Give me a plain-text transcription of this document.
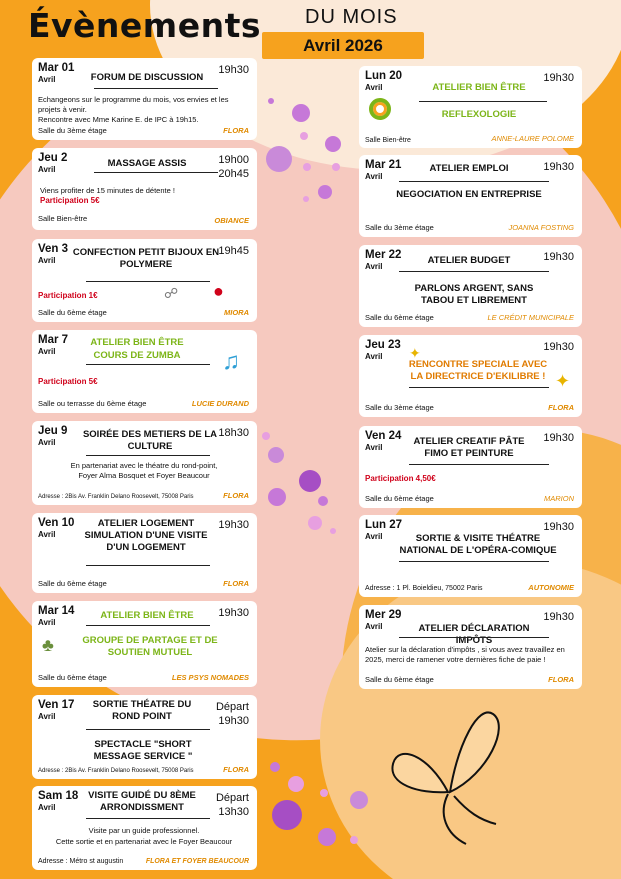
Évènements DU MOIS
Avril 2026
Mar 01
Avril
19h30
FORUM DE DISCUSSION
Echangeons sur le programme du mois, vos envies et les projets à venir.
Rencontre avec Mme Karine E. de IPC à 19h15.
Salle du 3ème étage	FLORA
Jeu 2
Avril
19h00
20h45
MASSAGE ASSIS
Viens profiter de 15 minutes de détente !
Participation 5€
Salle Bien-être	OBIANCE
Ven 3
Avril
19h45
CONFECTION PETIT BIJOUX EN POLYMERE
Participation 1€	☍ ●
Salle du 6ème étage	MIORA
Mar 7
Avril
ATELIER BIEN ÊTRE
COURS DE ZUMBA
Participation 5€
♫
Salle ou terrasse du 6ème étage	LUCIE DURAND
Jeu 9
Avril
18h30
SOIRÉE DES METIERS DE LA CULTURE
En partenariat avec le théatre du rond-point,
Foyer Alma Bosquet et Foyer Beaucour
Adresse : 2Bis Av. Franklin Delano Roosevelt, 75008 Paris	FLORA
Ven 10
Avril
19h30
ATELIER LOGEMENT SIMULATION D'UNE VISITE D'UN LOGEMENT
Salle du 6ème étage	FLORA
Mar 14
Avril
19h30
ATELIER BIEN ÊTRE
GROUPE DE PARTAGE ET DE SOUTIEN MUTUEL
♣
Salle du 6ème étage	LES PSYS NOMADES
Ven 17
Avril
Départ
19h30
SORTIE THÉATRE DU ROND POINT
SPECTACLE "SHORT MESSAGE SERVICE "
Adresse : 2Bis Av. Franklin Delano Roosevelt, 75008 Paris	FLORA
Sam 18
Avril
Départ
13h30
VISITE GUIDÉ DU 8ÈME ARRONDISSMENT
Visite par un guide professionnel.
Cette sortie et en partenariat avec le Foyer Beaucour
Adresse : Métro st augustin	FLORA ET FOYER BEAUCOUR
Lun 20
Avril
19h30
ATELIER BIEN ÊTRE
REFLEXOLOGIE
Salle Bien-être	ANNE-LAURE POLOME
Mar 21
Avril
19h30
ATELIER EMPLOI
NEGOCIATION EN ENTREPRISE
Salle du 3ème étage	JOANNA FOSTING
Mer 22
Avril
19h30
ATELIER BUDGET
PARLONS ARGENT, SANS TABOU ET LIBREMENT
Salle du 6ème étage	LE CRÉDIT MUNICIPALE
Jeu 23
Avril
19h30
✦
RENCONTRE SPECIALE AVEC LA DIRECTRICE D'EKILIBRE ! ✦
Salle du 3ème étage	FLORA
Ven 24
Avril
19h30
ATELIER CREATIF PÂTE FIMO ET PEINTURE
Participation 4,50€
Salle du 6ème étage	MARION
Lun 27
Avril
19h30
SORTIE & VISITE THÉATRE NATIONAL DE L'OPÉRA-COMIQUE
Adresse : 1 Pl. Boieldieu, 75002 Paris	AUTONOMIE
Mer 29
Avril
19h30
ATELIER DÉCLARATION IMPÔTS
Atelier sur la déclaration d'impôts , si vous avez travaillez en 2025, merci de ramener votre dernières fiche de paie !
Salle du 6ème étage	FLORA
